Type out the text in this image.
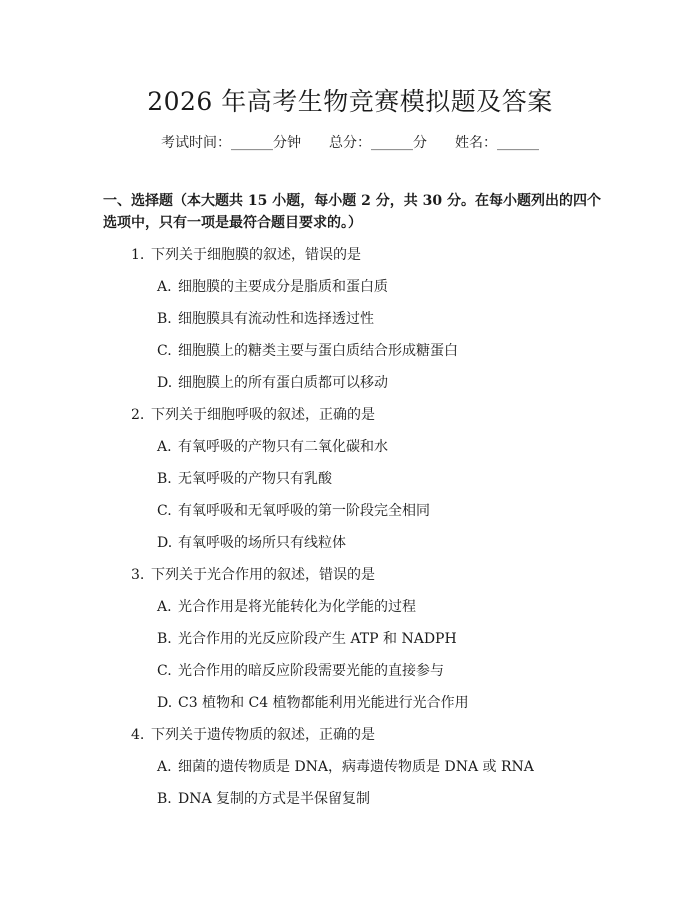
2026 年高考生物竞赛模拟题及答案
考试时间：______分钟 总分：______分 姓名：______
一、选择题（本大题共 15 小题，每小题 2 分，共 30 分。在每小题列出的四个选项中，只有一项是最符合题目要求的。）
1. 下列关于细胞膜的叙述，错误的是
A. 细胞膜的主要成分是脂质和蛋白质
B. 细胞膜具有流动性和选择透过性
C. 细胞膜上的糖类主要与蛋白质结合形成糖蛋白
D. 细胞膜上的所有蛋白质都可以移动
2. 下列关于细胞呼吸的叙述，正确的是
A. 有氧呼吸的产物只有二氧化碳和水
B. 无氧呼吸的产物只有乳酸
C. 有氧呼吸和无氧呼吸的第一阶段完全相同
D. 有氧呼吸的场所只有线粒体
3. 下列关于光合作用的叙述，错误的是
A. 光合作用是将光能转化为化学能的过程
B. 光合作用的光反应阶段产生 ATP 和 NADPH
C. 光合作用的暗反应阶段需要光能的直接参与
D. C3 植物和 C4 植物都能利用光能进行光合作用
4. 下列关于遗传物质的叙述，正确的是
A. 细菌的遗传物质是 DNA，病毒遗传物质是 DNA 或 RNA
B. DNA 复制的方式是半保留复制
